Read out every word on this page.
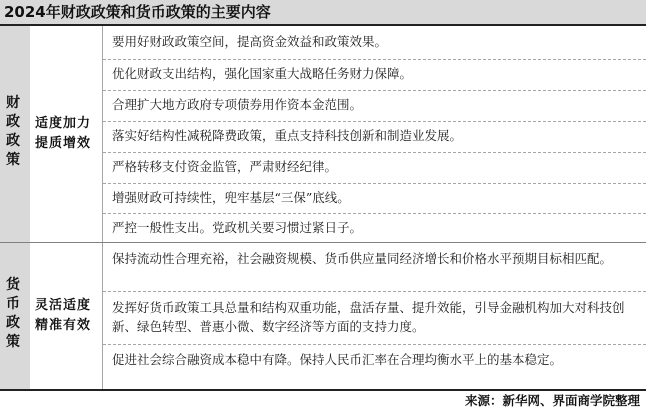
2024年财政政策和货币政策的主要内容
财政政策
适度加力提质增效
要用好财政政策空间，提高资金效益和政策效果。
优化财政支出结构，强化国家重大战略任务财力保障。
合理扩大地方政府专项债券用作资本金范围。
落实好结构性减税降费政策，重点支持科技创新和制造业发展。
严格转移支付资金监管，严肃财经纪律。
增强财政可持续性，兜牢基层“三保”底线。
严控一般性支出。党政机关要习惯过紧日子。
货币政策
灵活适度精准有效
保持流动性合理充裕，社会融资规模、货币供应量同经济增长和价格水平预期目标相匹配。
发挥好货币政策工具总量和结构双重功能，盘活存量、提升效能，引导金融机构加大对科技创新、绿色转型、普惠小微、数字经济等方面的支持力度。
促进社会综合融资成本稳中有降。保持人民币汇率在合理均衡水平上的基本稳定。
来源：新华网、界面商学院整理
